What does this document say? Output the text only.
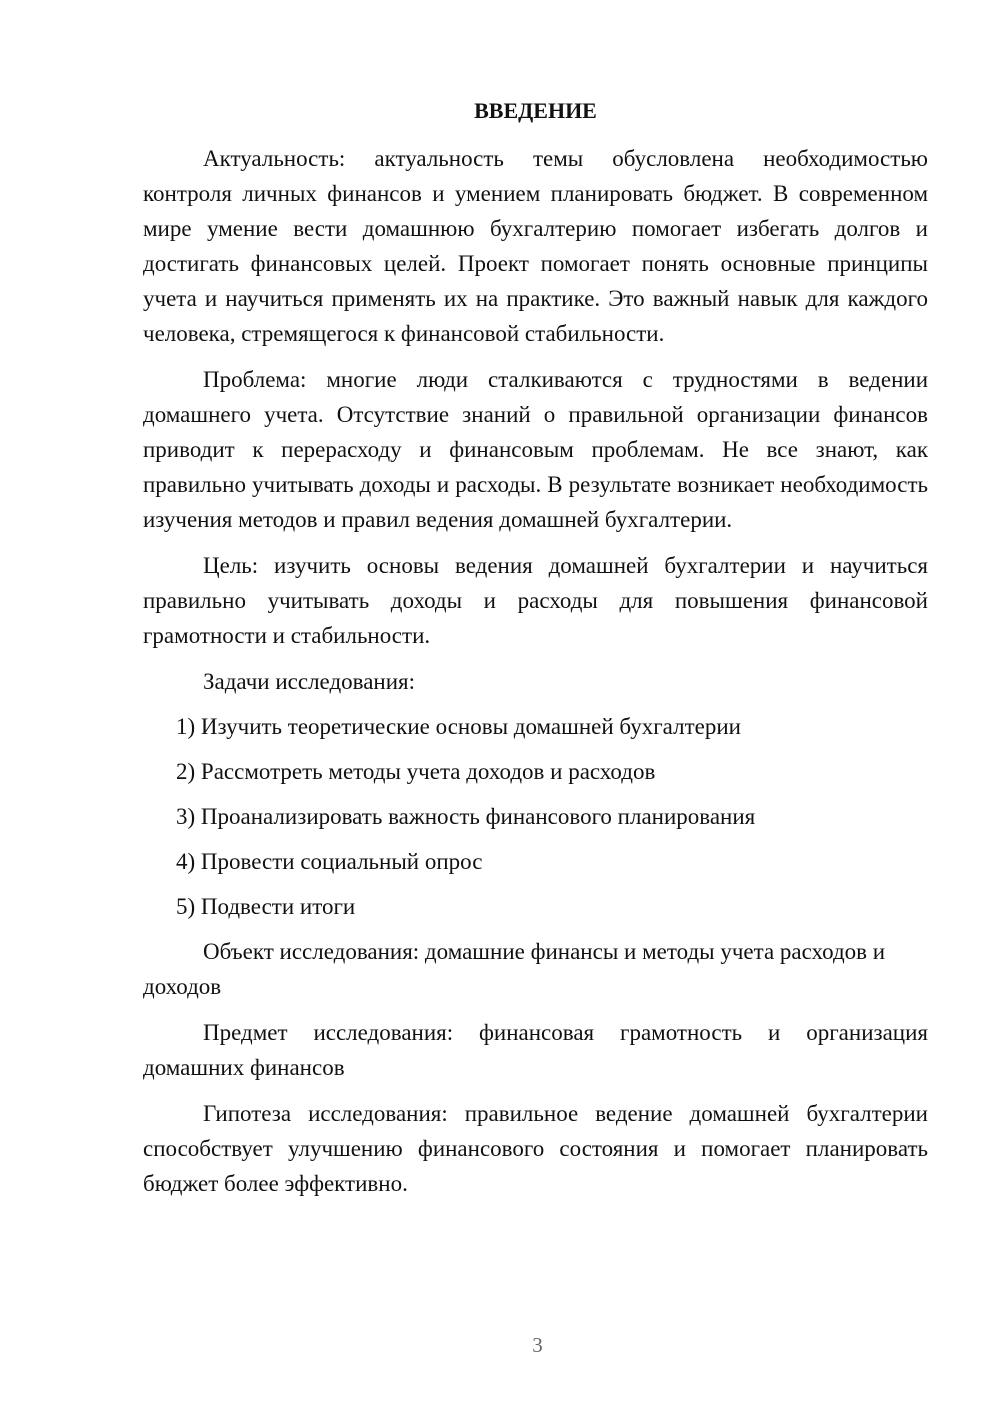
ВВЕДЕНИЕ

Актуальность: актуальность темы обусловлена необходимостью контроля личных финансов и умением планировать бюджет. В современном мире умение вести домашнюю бухгалтерию помогает избегать долгов и достигать финансовых целей. Проект помогает понять основные принципы учета и научиться применять их на практике. Это важный навык для каждого человека, стремящегося к финансовой стабильности.

Проблема: многие люди сталкиваются с трудностями в ведении домашнего учета. Отсутствие знаний о правильной организации финансов приводит к перерасходу и финансовым проблемам. Не все знают, как правильно учитывать доходы и расходы. В результате возникает необходимость изучения методов и правил ведения домашней бухгалтерии.

Цель: изучить основы ведения домашней бухгалтерии и научиться правильно учитывать доходы и расходы для повышения финансовой грамотности и стабильности.

Задачи исследования:

1) Изучить теоретические основы домашней бухгалтерии
2) Рассмотреть методы учета доходов и расходов
3) Проанализировать важность финансового планирования
4) Провести социальный опрос
5) Подвести итоги

Объект исследования: домашние финансы и методы учета расходов и доходов

Предмет исследования: финансовая грамотность и организация домашних финансов

Гипотеза исследования: правильное ведение домашней бухгалтерии способствует улучшению финансового состояния и помогает планировать бюджет более эффективно.

3
